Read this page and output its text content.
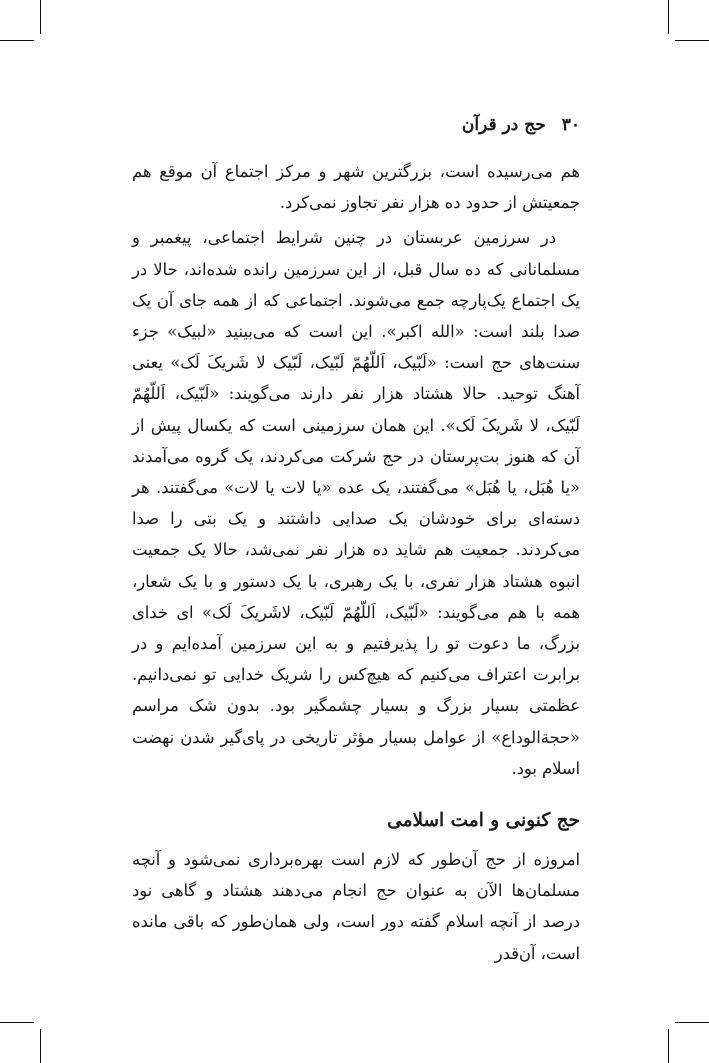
۳۰
حج در قرآن

هم می‌رسیده است، بزرگترین شهر و مرکز اجتماع آن موقع هم جمعیتش از حدود ده هزار نفر تجاوز نمی‌کرد.

در سرزمین عربستان در چنین شرایط اجتماعی، پیغمبر و مسلمانانی که ده سال قبل، از این سرزمین رانده شده‌اند، حالا در یک اجتماع یک‌پارچه جمع می‌شوند. اجتماعی که از همه جای آن یک صدا بلند است: «الله اکبر». این است که می‌بینید «لبیک» جزء سنت‌های حج است: «لَبّیک، اَللّهُمّ لَبّیک، لَبّیک لا شَریکَ لَک» یعنی آهنگ توحید. حالا هشتاد هزار نفر دارند می‌گویند: «لَبّیک، اَللّهُمّ لَبّیک، لا شَریکَ لَک». این همان سرزمینی است که یکسال پیش از آن که هنوز بت‌پرستان در حج شرکت می‌کردند، یک گروه می‌آمدند «یا هُبَل، یا هُبَل» می‌گفتند، یک عده «یا لات یا لات» می‌گفتند. هر دسته‌ای برای خودشان یک صدایی داشتند و یک بتی را صدا می‌کردند. جمعیت هم شاید ده هزار نفر نمی‌شد، حالا یک جمعیت انبوه هشتاد هزار نفری، با یک رهبری، با یک دستور و با یک شعار، همه با هم می‌گویند: «لَبّیک، اَللّهُمّ لَبّیک، لاشَریکَ لَک» ای خدای بزرگ، ما دعوت تو را پذیرفتیم و به این سرزمین آمده‌ایم و در برابرت اعتراف می‌کنیم که هیچ‌کس را شریک خدایی تو نمی‌دانیم. عظمتی بسیار بزرگ و بسیار چشمگیر بود. بدون شک مراسم «حجةالوداع» از عوامل بسیار مؤثر تاریخی در پای‌گیر شدن نهضت اسلام بود.

حج کنونی و امت اسلامی

امروزه از حج آن‌طور که لازم است بهره‌برداری نمی‌شود و آنچه مسلمان‌ها الآن به عنوان حج انجام می‌دهند هشتاد و گاهی نود درصد از آنچه اسلام گفته دور است، ولی همان‌طور که باقی مانده است، آن‌قدر
